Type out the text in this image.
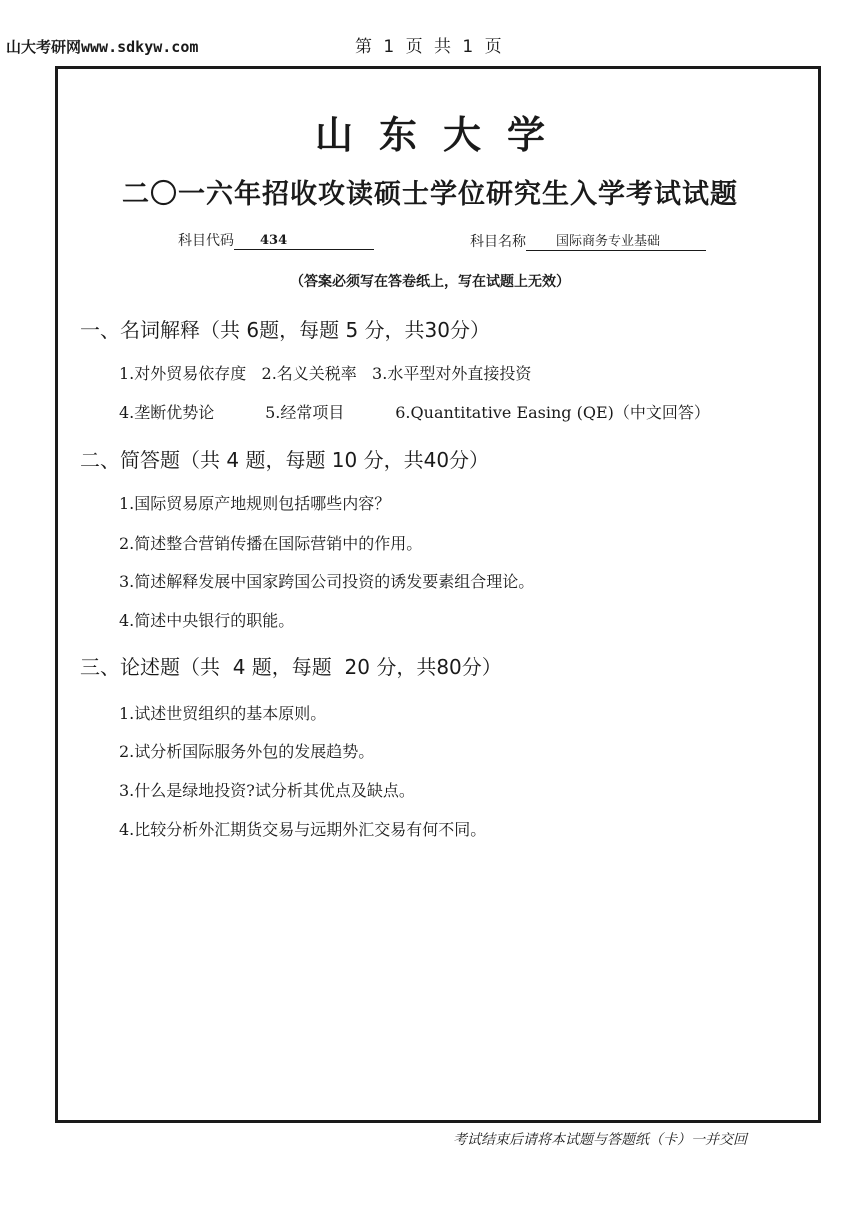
山大考研网www.sdkyw.com	第 1 页 共 1 页
山东大学
二〇一六年招收攻读硕士学位研究生入学考试试题
科目代码	434	科目名称	国际商务专业基础
（答案必须写在答卷纸上，写在试题上无效）
一、名词解释（共 6题，每题 5 分，共30分）
1.对外贸易依存度   2.名义关税率   3.水平型对外直接投资
4.垄断优势论          5.经常项目          6.Quantitative Easing (QE)（中文回答）
二、简答题（共 4 题，每题 10 分，共40分）
1.国际贸易原产地规则包括哪些内容？
2.简述整合营销传播在国际营销中的作用。
3.简述解释发展中国家跨国公司投资的诱发要素组合理论。
4.简述中央银行的职能。
三、论述题（共  4 题，每题  20 分，共80分）
1.试述世贸组织的基本原则。
2.试分析国际服务外包的发展趋势。
3.什么是绿地投资?试分析其优点及缺点。
4.比较分析外汇期货交易与远期外汇交易有何不同。
考试结束后请将本试题与答题纸（卡）一并交回
